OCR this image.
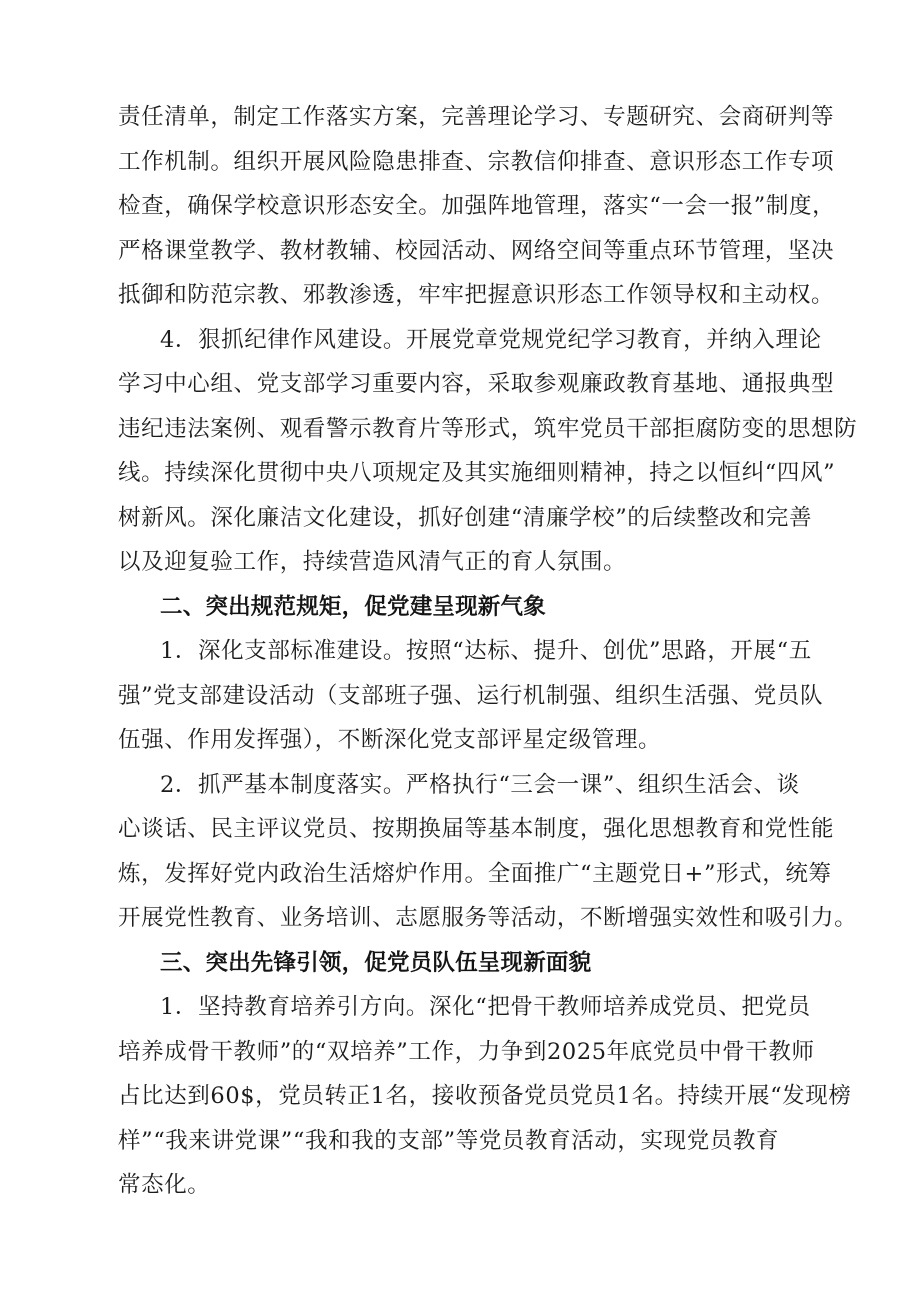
责任清单，制定工作落实方案，完善理论学习、专题研究、会商研判等
工作机制。组织开展风险隐患排查、宗教信仰排查、意识形态工作专项
检查，确保学校意识形态安全。加强阵地管理，落实“一会一报”制度，
严格课堂教学、教材教辅、校园活动、网络空间等重点环节管理，坚决
抵御和防范宗教、邪教渗透，牢牢把握意识形态工作领导权和主动权。
4．狠抓纪律作风建设。开展党章党规党纪学习教育，并纳入理论
学习中心组、党支部学习重要内容，采取参观廉政教育基地、通报典型
违纪违法案例、观看警示教育片等形式，筑牢党员干部拒腐防变的思想防
线。持续深化贯彻中央八项规定及其实施细则精神，持之以恒纠“四风”
树新风。深化廉洁文化建设，抓好创建“清廉学校”的后续整改和完善
以及迎复验工作，持续营造风清气正的育人氛围。
二、突出规范规矩，促党建呈现新气象
1．深化支部标准建设。按照“达标、提升、创优”思路，开展“五
强”党支部建设活动（支部班子强、运行机制强、组织生活强、党员队
伍强、作用发挥强），不断深化党支部评星定级管理。
2．抓严基本制度落实。严格执行“三会一课”、组织生活会、谈
心谈话、民主评议党员、按期换届等基本制度，强化思想教育和党性能
炼，发挥好党内政治生活熔炉作用。全面推广“主题党日+”形式，统筹
开展党性教育、业务培训、志愿服务等活动，不断增强实效性和吸引力。
三、突出先锋引领，促党员队伍呈现新面貌
1．坚持教育培养引方向。深化“把骨干教师培养成党员、把党员
培养成骨干教师”的“双培养”工作，力争到2025年底党员中骨干教师
占比达到60$，党员转正1名，接收预备党员党员1名。持续开展“发现榜
样”“我来讲党课”“我和我的支部”等党员教育活动，实现党员教育
常态化。
